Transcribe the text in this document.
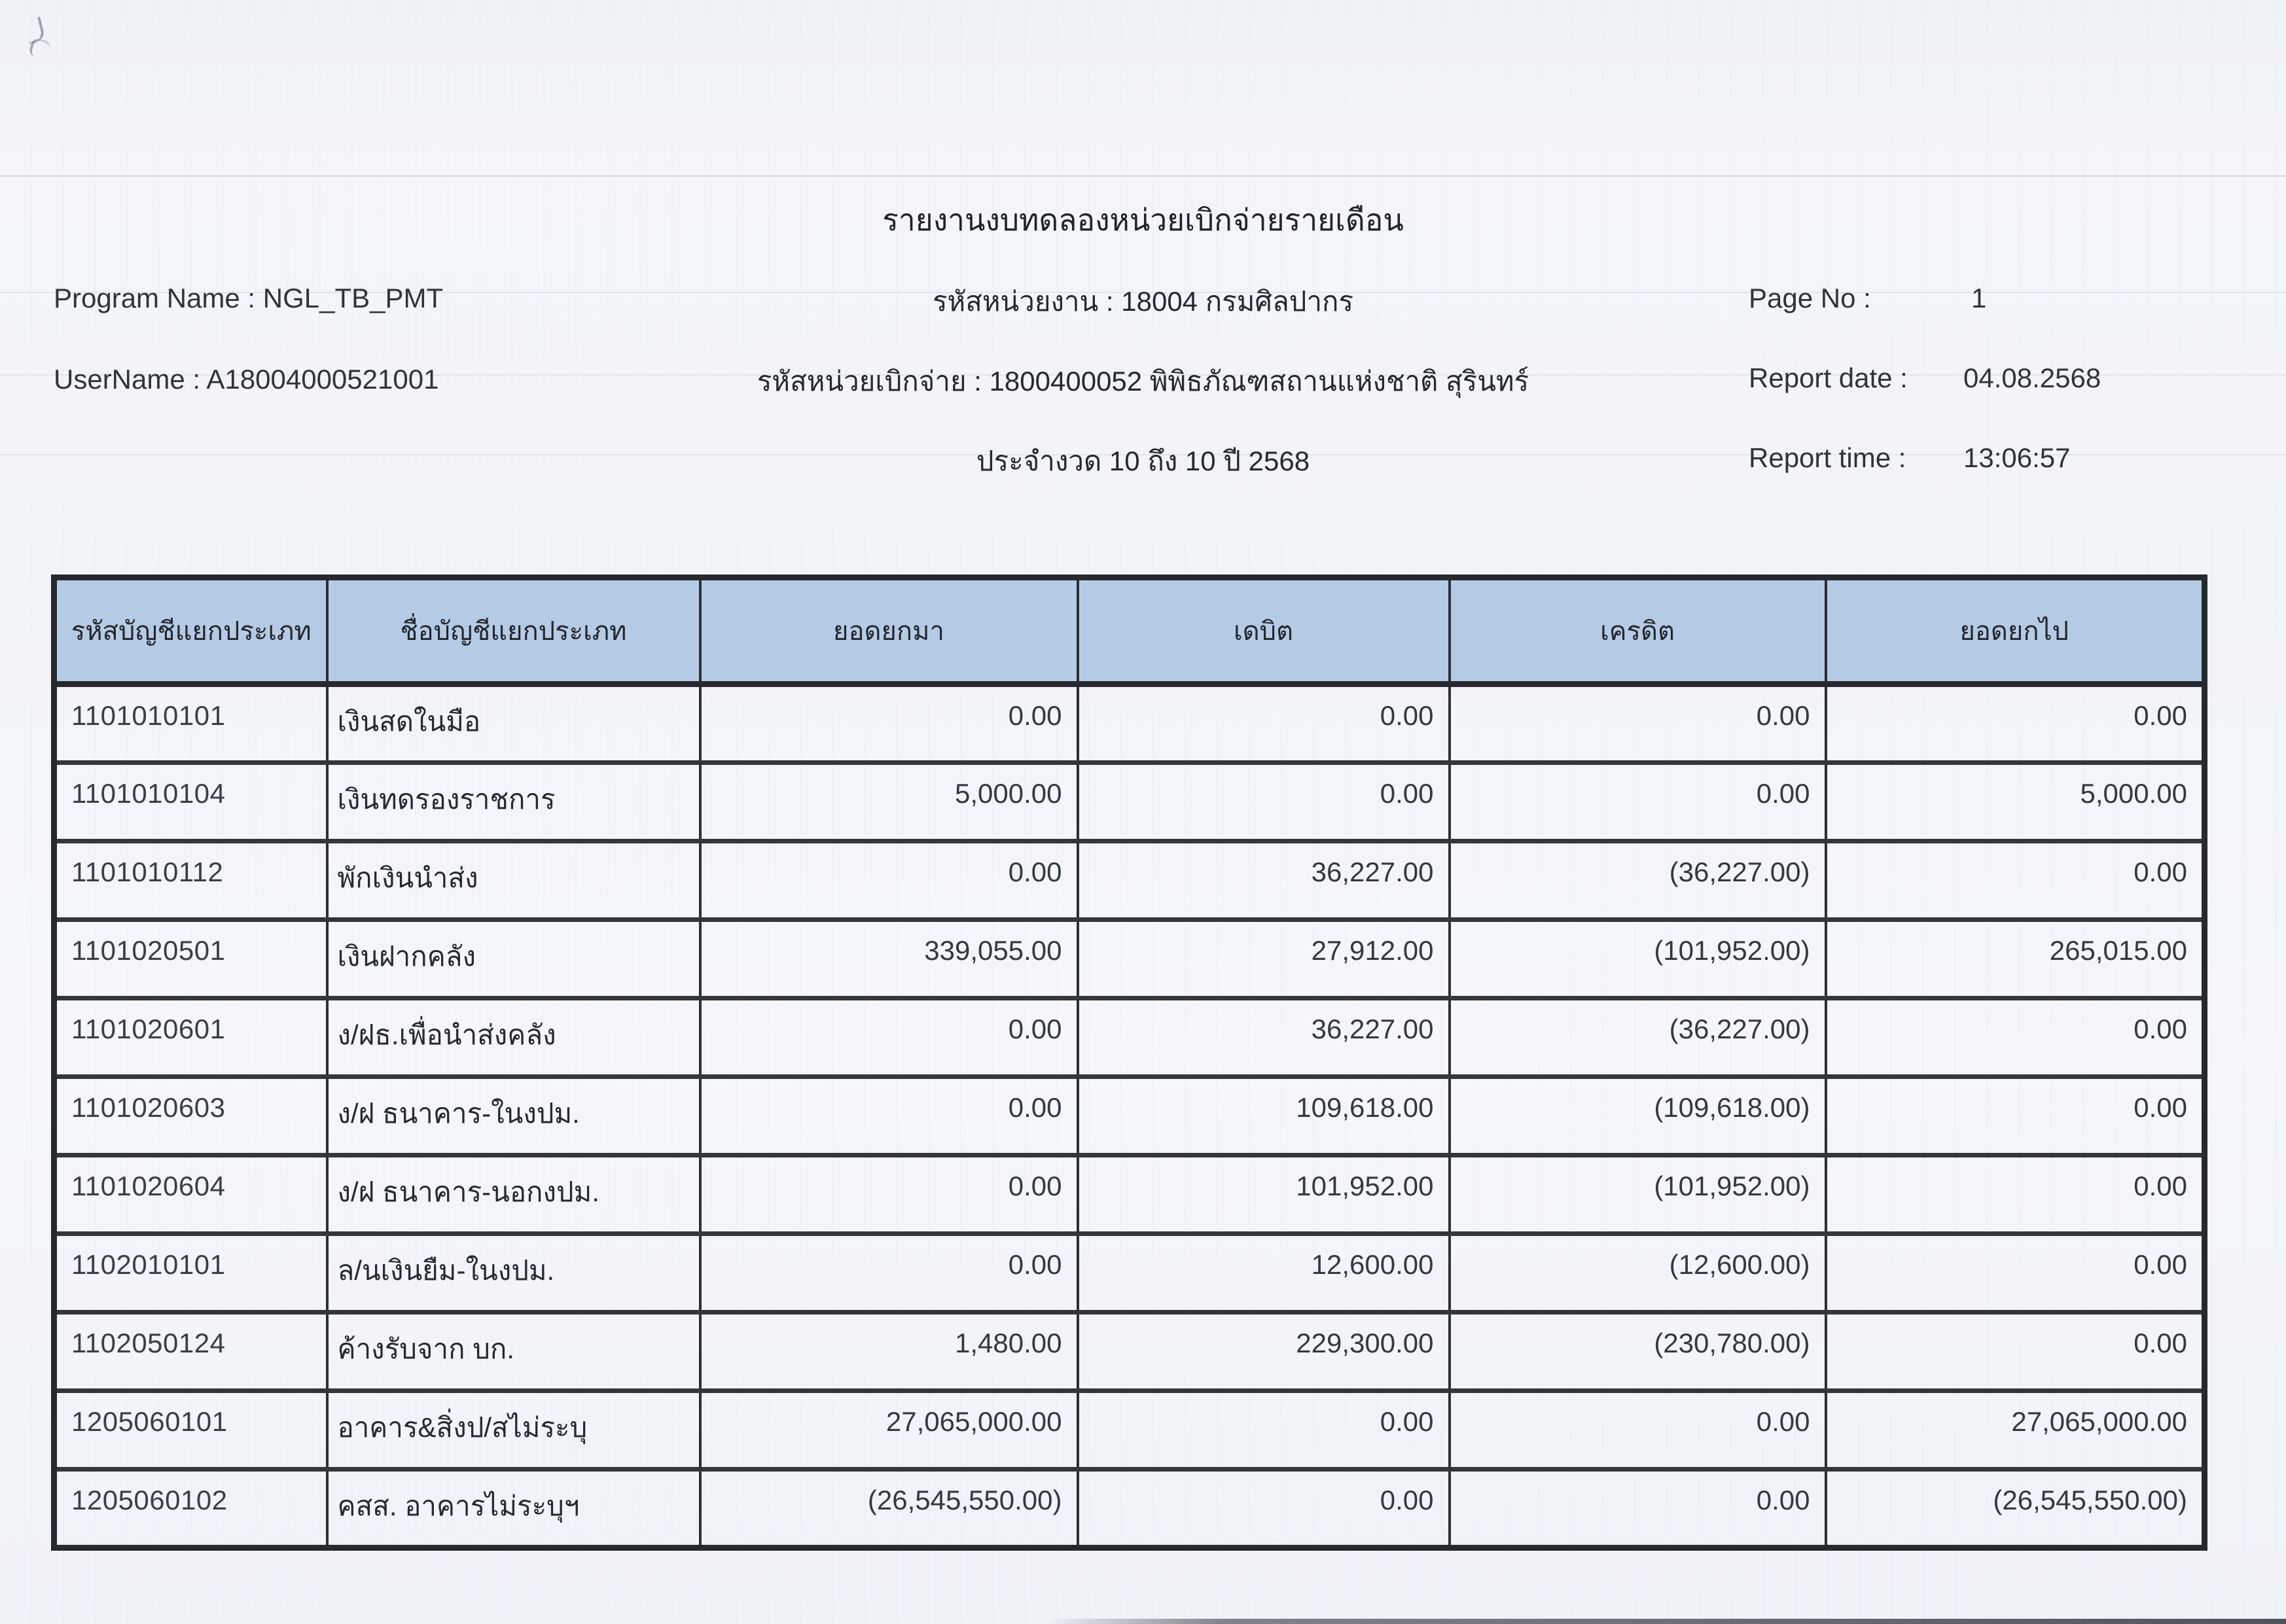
รายงานงบทดลองหน่วยเบิกจ่ายรายเดือน
Program Name : NGL_TB_PMT	รหัสหน่วยงาน : 18004 กรมศิลปากร	Page No :	1
UserName : A18004000521001	รหัสหน่วยเบิกจ่าย : 1800400052 พิพิธภัณฑสถานแห่งชาติ สุรินทร์	Report date : 04.08.2568
ประจำงวด 10 ถึง 10 ปี 2568	Report time : 13:06:57
รหัสบัญชีแยกประเภท	ชื่อบัญชีแยกประเภท	ยอดยกมา	เดบิต	เครดิต	ยอดยกไป
1101010101	เงินสดในมือ	0.00	0.00	0.00	0.00
1101010104	เงินทดรองราชการ	5,000.00	0.00	0.00	5,000.00
1101010112	พักเงินนำส่ง	0.00	36,227.00	(36,227.00)	0.00
1101020501	เงินฝากคลัง	339,055.00	27,912.00	(101,952.00)	265,015.00
1101020601	ง/ฝธ.เพื่อนำส่งคลัง	0.00	36,227.00	(36,227.00)	0.00
1101020603	ง/ฝ ธนาคาร-ในงปม.	0.00	109,618.00	(109,618.00)	0.00
1101020604	ง/ฝ ธนาคาร-นอกงปม.	0.00	101,952.00	(101,952.00)	0.00
1102010101	ล/นเงินยืม-ในงปม.	0.00	12,600.00	(12,600.00)	0.00
1102050124	ค้างรับจาก บก.	1,480.00	229,300.00	(230,780.00)	0.00
1205060101	อาคาร&สิ่งป/สไม่ระบุ	27,065,000.00	0.00	0.00	27,065,000.00
1205060102	คสส. อาคารไม่ระบุฯ	(26,545,550.00)	0.00	0.00	(26,545,550.00)
